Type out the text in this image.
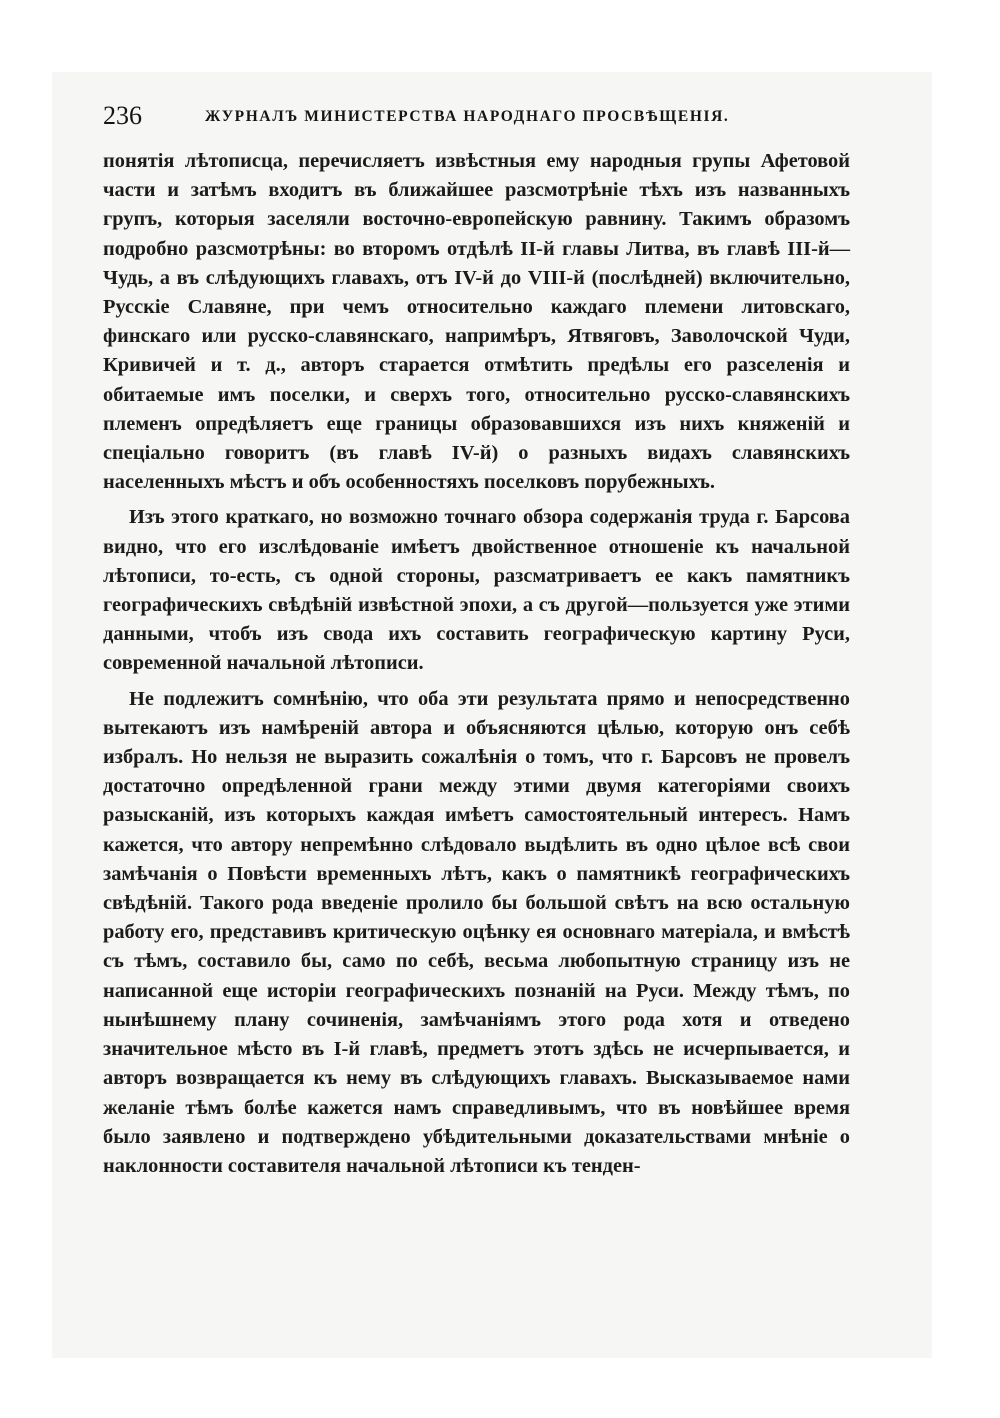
236	ЖУРНАЛЪ МИНИСТЕРСТВА НАРОДНАГО ПРОСВѢЩЕНІЯ.

понятія лѣтописца, перечисляетъ извѣстныя ему народныя групы Афетовой части и затѣмъ входитъ въ ближайшее разсмотрѣніе тѣхъ изъ названныхъ групъ, которыя заселяли восточно-европейскую равнину. Такимъ образомъ подробно разсмотрѣны: во второмъ отдѣлѣ II-й главы Литва, въ главѣ III-й—Чудь, а въ слѣдующихъ главахъ, отъ IV-й до VIII-й (послѣдней) включительно, Русскіе Славяне, при чемъ относительно каждаго племени литовскаго, финскаго или русско-славянскаго, напримѣръ, Ятвяговъ, Заволочской Чуди, Кривичей и т. д., авторъ старается отмѣтить предѣлы его разселенія и обитаемые имъ поселки, и сверхъ того, относительно русско-славянскихъ племенъ опредѣляетъ еще границы образовавшихся изъ нихъ княженій и спеціально говоритъ (въ главѣ IV-й) о разныхъ видахъ славянскихъ населенныхъ мѣстъ и объ особенностяхъ поселковъ порубежныхъ.

Изъ этого краткаго, но возможно точнаго обзора содержанія труда г. Барсова видно, что его изслѣдованіе имѣетъ двойственное отношеніе къ начальной лѣтописи, то-есть, съ одной стороны, разсматриваетъ ее какъ памятникъ географическихъ свѣдѣній извѣстной эпохи, а съ другой—пользуется уже этими данными, чтобъ изъ свода ихъ составить географическую картину Руси, современной начальной лѣтописи.

Не подлежитъ сомнѣнію, что оба эти результата прямо и непосредственно вытекаютъ изъ намѣреній автора и объясняются цѣлью, которую онъ себѣ избралъ. Но нельзя не выразить сожалѣнія о томъ, что г. Барсовъ не провелъ достаточно опредѣленной грани между этими двумя категоріями своихъ разысканій, изъ которыхъ каждая имѣетъ самостоятельный интересъ. Намъ кажется, что автору непремѣнно слѣдовало выдѣлить въ одно цѣлое всѣ свои замѣчанія о Повѣсти временныхъ лѣтъ, какъ о памятникѣ географическихъ свѣдѣній. Такого рода введеніе пролило бы большой свѣтъ на всю остальную работу его, представивъ критическую оцѣнку ея основнаго матеріала, и вмѣстѣ съ тѣмъ, составило бы, само по себѣ, весьма любопытную страницу изъ не написанной еще исторіи географическихъ познаній на Руси. Между тѣмъ, по нынѣшнему плану сочиненія, замѣчаніямъ этого рода хотя и отведено значительное мѣсто въ I-й главѣ, предметъ этотъ здѣсь не исчерпывается, и авторъ возвращается къ нему въ слѣдующихъ главахъ. Высказываемое нами желаніе тѣмъ болѣе кажется намъ справедливымъ, что въ новѣйшее время было заявлено и подтверждено убѣдительными доказательствами мнѣніе о наклонности составителя начальной лѣтописи къ тенден-
